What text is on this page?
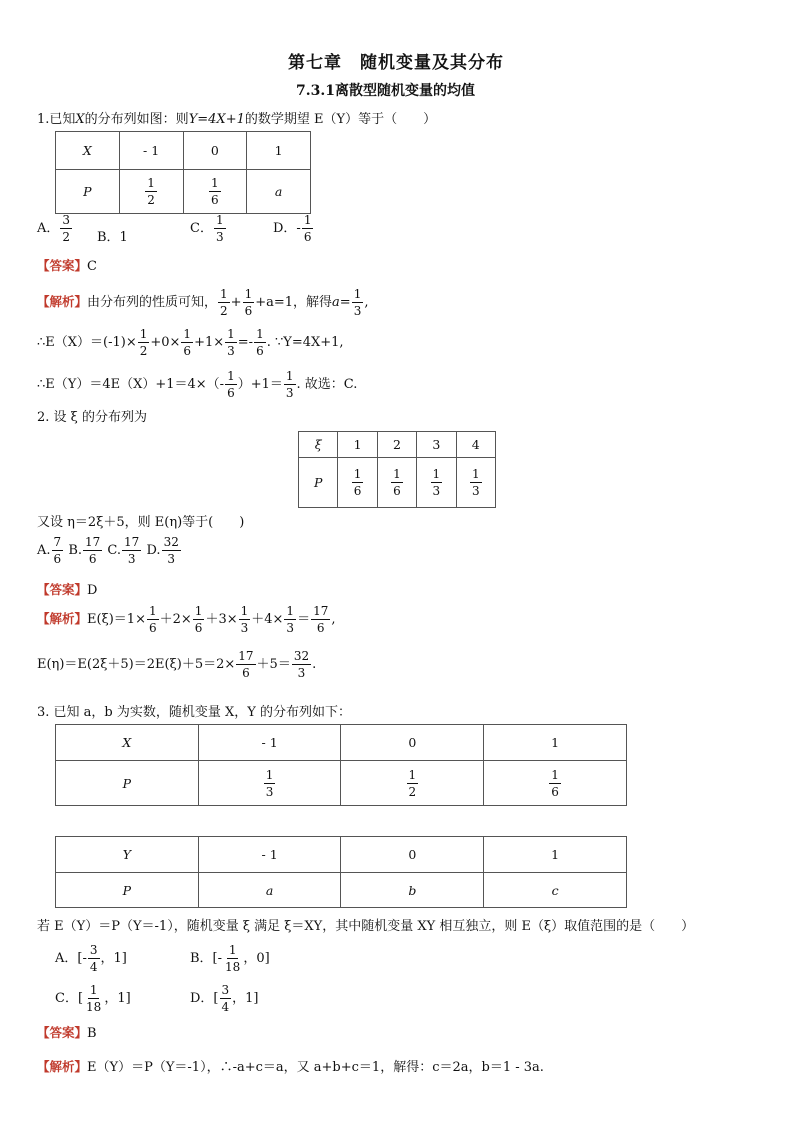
第七章　随机变量及其分布
7.3.1离散型随机变量的均值
1.已知X的分布列如图：则Y=4X+1的数学期望 E（Y）等于（　　）
X	- 1	0	1
P	$\frac{1}{2}$	$\frac{1}{6}$	a
A． $\frac{3}{2}$ B．1
C． $\frac{1}{3}$	D．- $\frac{1}{6}$
【答案】C
【解析】由分布列的性质可知， $\frac{1}{2} + \frac{1}{6} +a=1$，解得$a= \frac{1}{3}$ ,
∴E（X）＝(-1)× $\frac{1}{2} +0\times \frac{1}{6} +1\times \frac{1}{3} =- \frac{1}{6}$ . ∵Y=4X+1,
∴E（Y）＝4E（X）+1＝4×（- $\frac{1}{6} )+1= \frac{1}{3}$ . 故选：C.
2. 设 ξ 的分布列为
ξ	1	2	3	4
P	$\frac{1}{6}$	$\frac{1}{6}$	$\frac{1}{3}$	$\frac{1}{3}$
又设 η＝2ξ＋5，则 E(η)等于(　　)
A. $\frac{7}{6} B$. $\frac{17}{6} C$. $\frac{17}{3} D$. $\frac{32}{3}$
【答案】D
【解析】$E(\xi)=1\times \frac{1}{6} +2\times \frac{1}{6} +3\times \frac{1}{3} +4\times \frac{1}{3} = \frac{17}{6}$ ,
$E(\eta)=E(2\xi+5)=2E(\xi)+5=2\times \frac{17}{6} +5= \frac{32}{3}$ .
3. 已知 a，b 为实数，随机变量 X，Y 的分布列如下：
X	- 1	0	1
P	$\frac{1}{3}$	$\frac{1}{2}$	$\frac{1}{6}$
Y	- 1	0	1
P	a	b	c
若 E（Y）＝P（Y＝-1），随机变量 ξ 满足 ξ＝XY，其中随机变量 XY 相互独立，则 E（ξ）取值范围的是（　　）
A．[- $\frac{3}{4}$ ，1]	B．[- $\frac{1}{18}$ ，0]
C．[ $\frac{1}{18}$ ，1]	D．[ $\frac{3}{4}$ ，1]
【答案】B
【解析】E（Y）＝P（Y＝-1），∴-a+c＝a，又 a+b+c＝1，解得：c＝2a，b＝1 - 3a.
